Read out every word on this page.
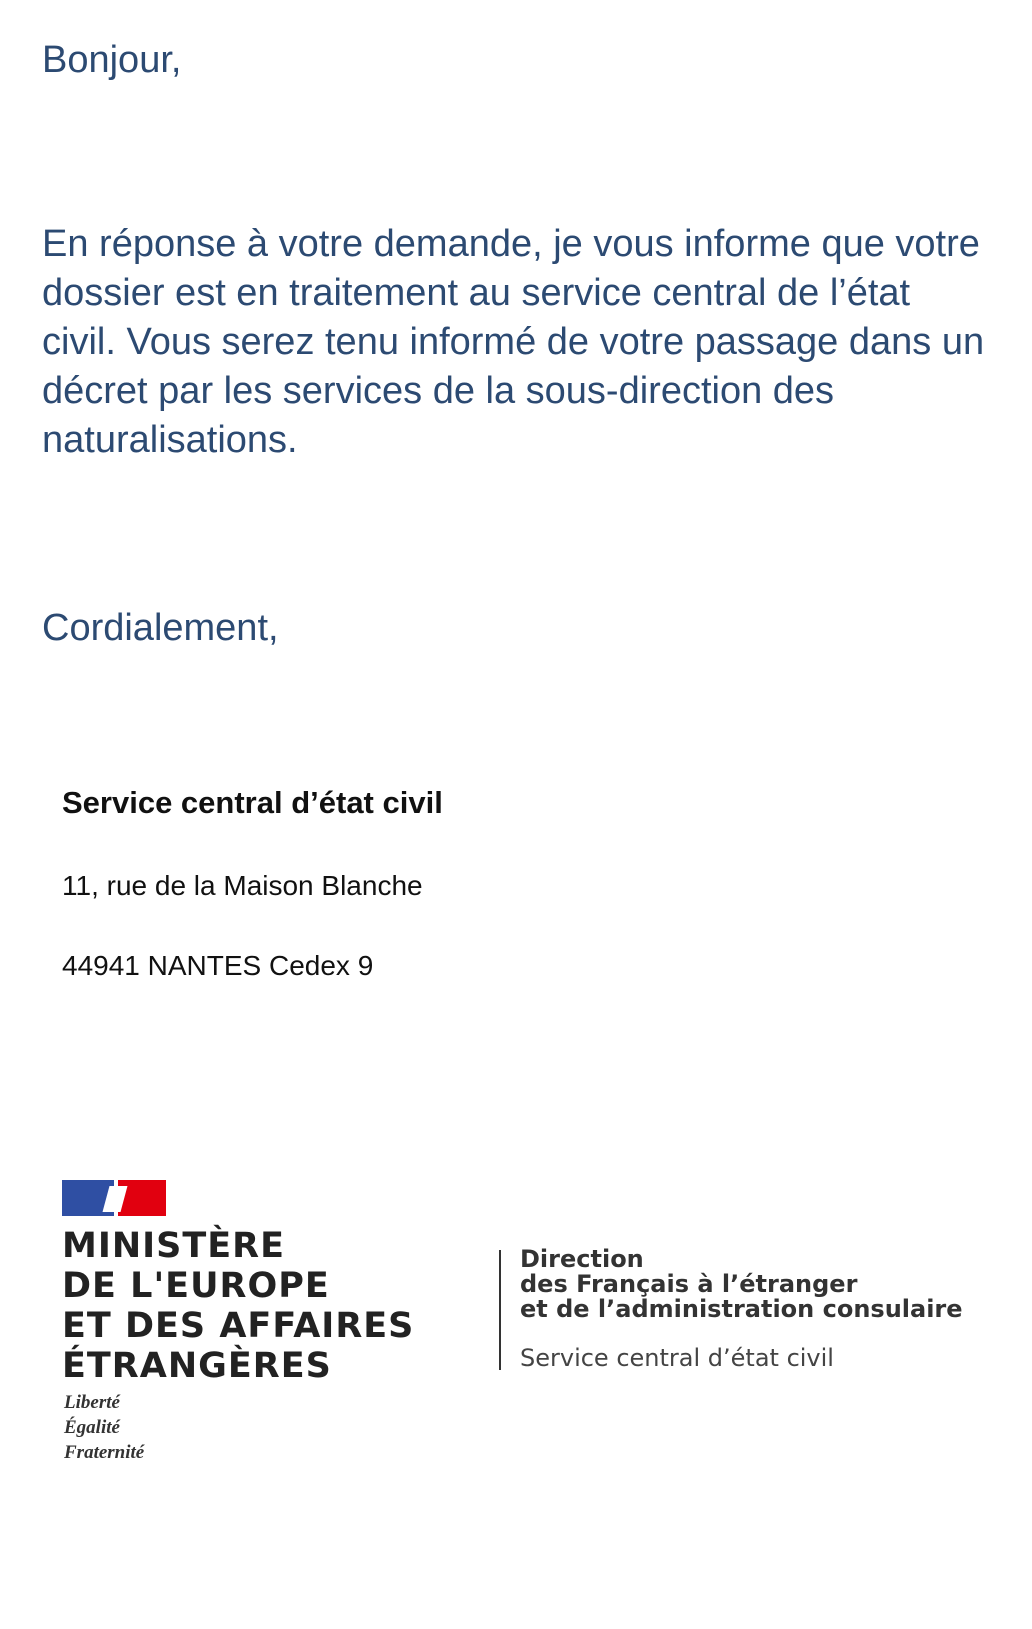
Bonjour,
En réponse à votre demande, je vous informe que votre dossier est en traitement au service central de l’état civil. Vous serez tenu informé de votre passage dans un décret par les services de la sous-direction des naturalisations.
Cordialement,
Service central d’état civil
11, rue de la Maison Blanche
44941 NANTES Cedex 9
MINISTÈRE
DE L'EUROPE
ET DES AFFAIRES
ÉTRANGÈRES
Liberté
Égalité
Fraternité
Direction
des Français à l’étranger
et de l’administration consulaire
Service central d’état civil
